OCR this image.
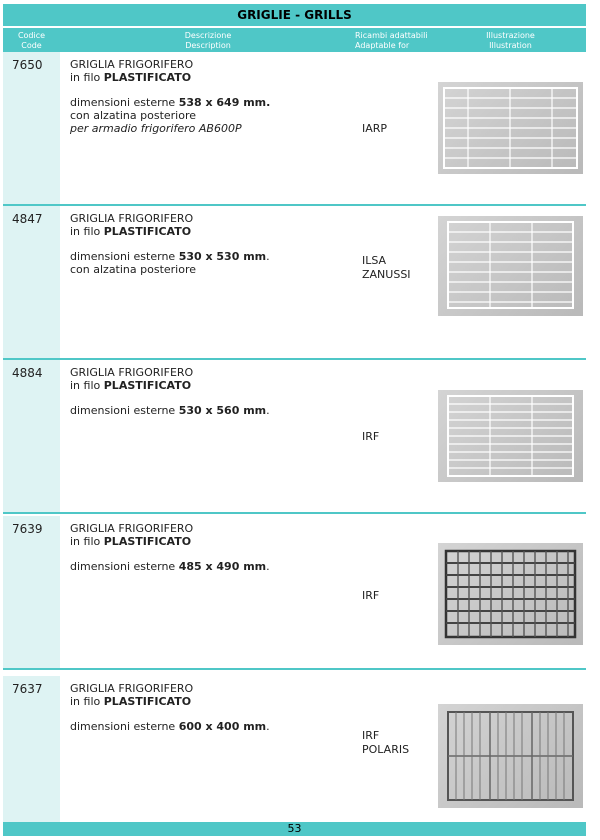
GRIGLIE - GRILLS
Codice
Code
Descrizione
Description
Ricambi adattabili
Adaptable for
Illustrazione
Illustration
7650 GRIGLIA FRIGORIFERO
in filo PLASTIFICATO
dimensioni esterne 538 x 649 mm.
con alzatina posteriore
per armadio frigorifero AB600P	IARP
4847 GRIGLIA FRIGORIFERO
in filo PLASTIFICATO
dimensioni esterne 530 x 530 mm.
con alzatina posteriore
ILSA
ZANUSSI
4884 GRIGLIA FRIGORIFERO
in filo PLASTIFICATO
dimensioni esterne 530 x 560 mm.
IRF
7639 GRIGLIA FRIGORIFERO
in filo PLASTIFICATO
dimensioni esterne 485 x 490 mm.
IRF
7637 GRIGLIA FRIGORIFERO
in filo PLASTIFICATO
dimensioni esterne 600 x 400 mm.
IRF
POLARIS
53
